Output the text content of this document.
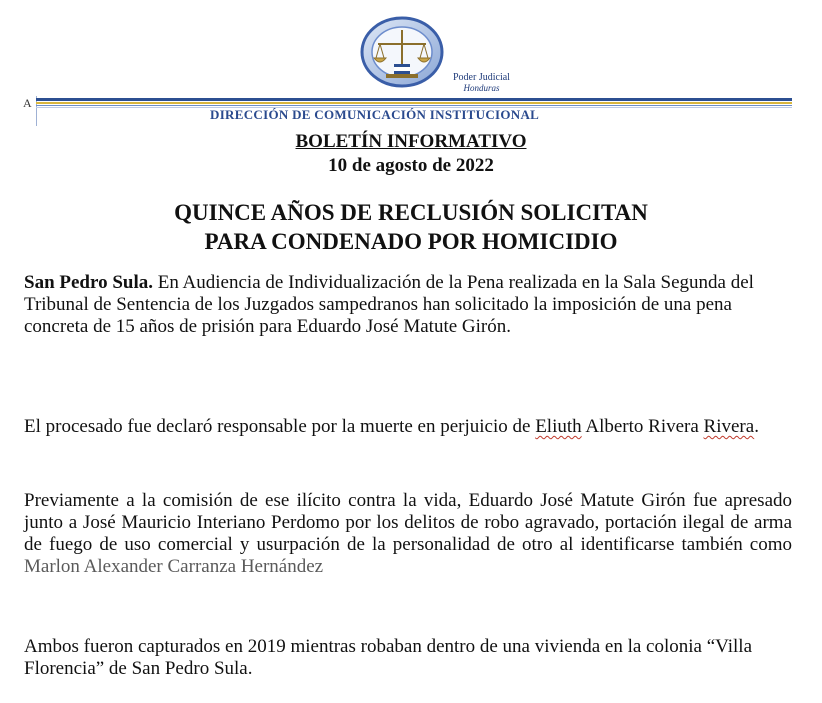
Poder Judicial
Honduras
A
DIRECCIÓN DE COMUNICACIÓN INSTITUCIONAL
BOLETÍN INFORMATIVO
10 de agosto de 2022
QUINCE AÑOS DE RECLUSIÓN SOLICITAN
PARA CONDENADO POR HOMICIDIO
San Pedro Sula. En Audiencia de Individualización de la Pena realizada en la Sala Segunda del Tribunal de Sentencia de los Juzgados sampedranos han solicitado la imposición de una pena concreta de 15 años de prisión para Eduardo José Matute Girón.
El procesado fue declaró responsable por la muerte en perjuicio de Eliuth Alberto Rivera Rivera.
Previamente a la comisión de ese ilícito contra la vida, Eduardo José Matute Girón fue apresado junto a José Mauricio Interiano Perdomo por los delitos de robo agravado, portación ilegal de arma de fuego de uso comercial y usurpación de la personalidad de otro al identificarse también como Marlon Alexander Carranza Hernández
Ambos fueron capturados en 2019 mientras robaban dentro de una vivienda en la colonia “Villa Florencia” de San Pedro Sula.
